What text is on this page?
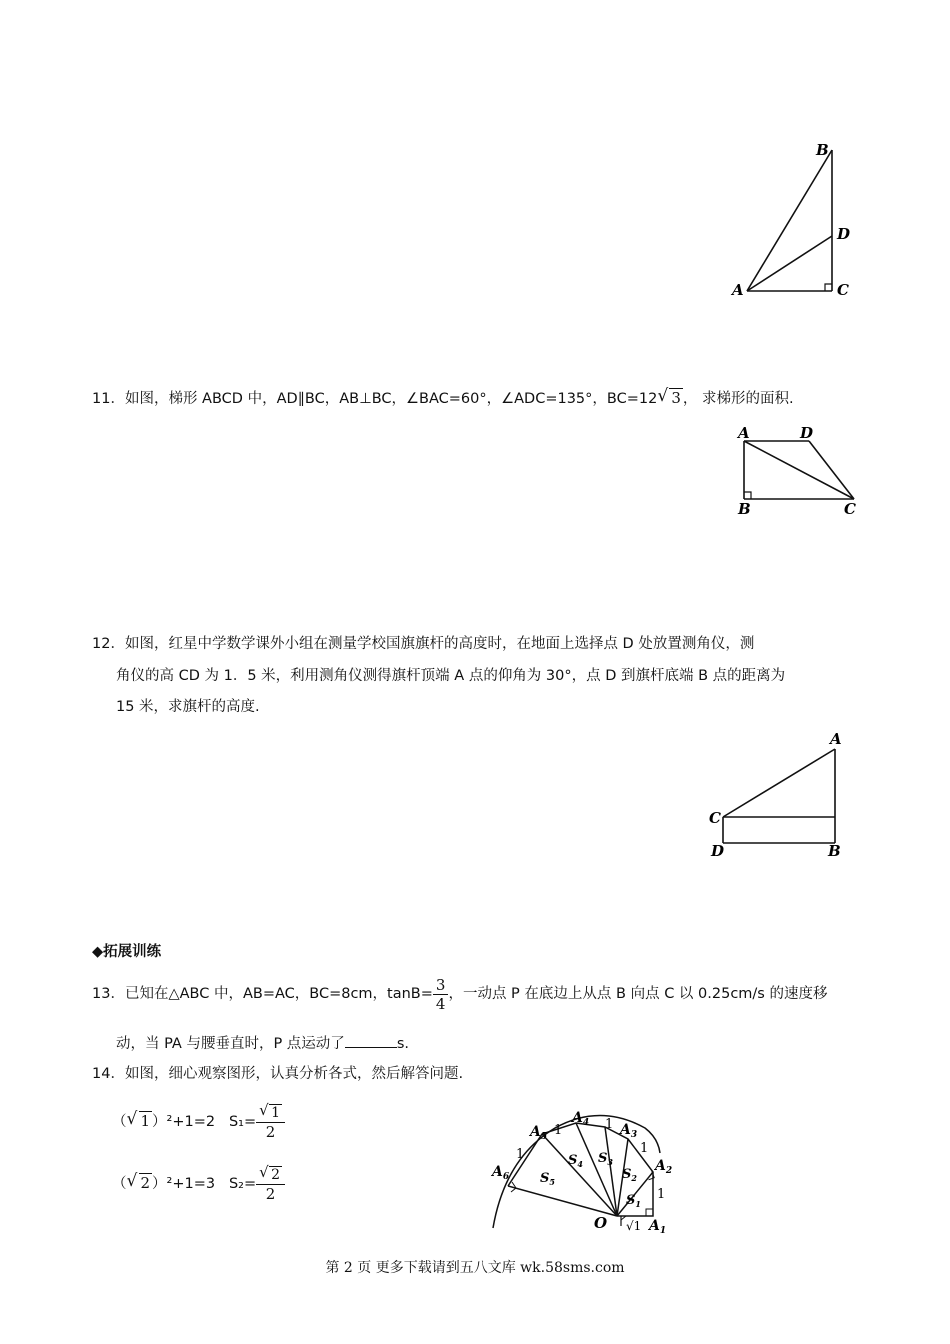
B
D
A	C
11．如图，梯形 ABCD 中，AD∥BC，AB⊥BC，∠BAC=60°，∠ADC=135°，BC=12 √ 3 ， 求梯形的面积.
A	D
B	C
12．如图，红星中学数学课外小组在测量学校国旗旗杆的高度时，在地面上选择点 D 处放置测角仪，测
角仪的高 CD 为 1．5 米，利用测角仪测得旗杆顶端 A 点的仰角为 30°，点 D 到旗杆底端 B 点的距离为
15 米，求旗杆的高度.
A
C
D	B
◆拓展训练
13．已知在△ABC 中，AB=AC，BC=8cm，$\tan B= \frac{3}{4}$ ，一动点 P 在底边上从点 B 向点 C 以 0.25cm/s 的速度移
动，当 PA 与腰垂直时，P 点运动了	s.
14．如图，细心观察图形，认真分析各式，然后解答问题.
（ √ 1 ）²+1=2 $S_1= \frac{√ 1}{2}$
（ √ 2 ）²+1=3 $S_2= \frac{√ 2}{2}$
O	$A_1$
$A_2$
$A_3$
$A_4$
$A_5$
$A_6$
$S_1$
$S_2$
$S_3$
$S_4$
$S_5$
1
1
1
1
1
√1
第 2 页 更多下载请到五八文库 wk.58sms.com
